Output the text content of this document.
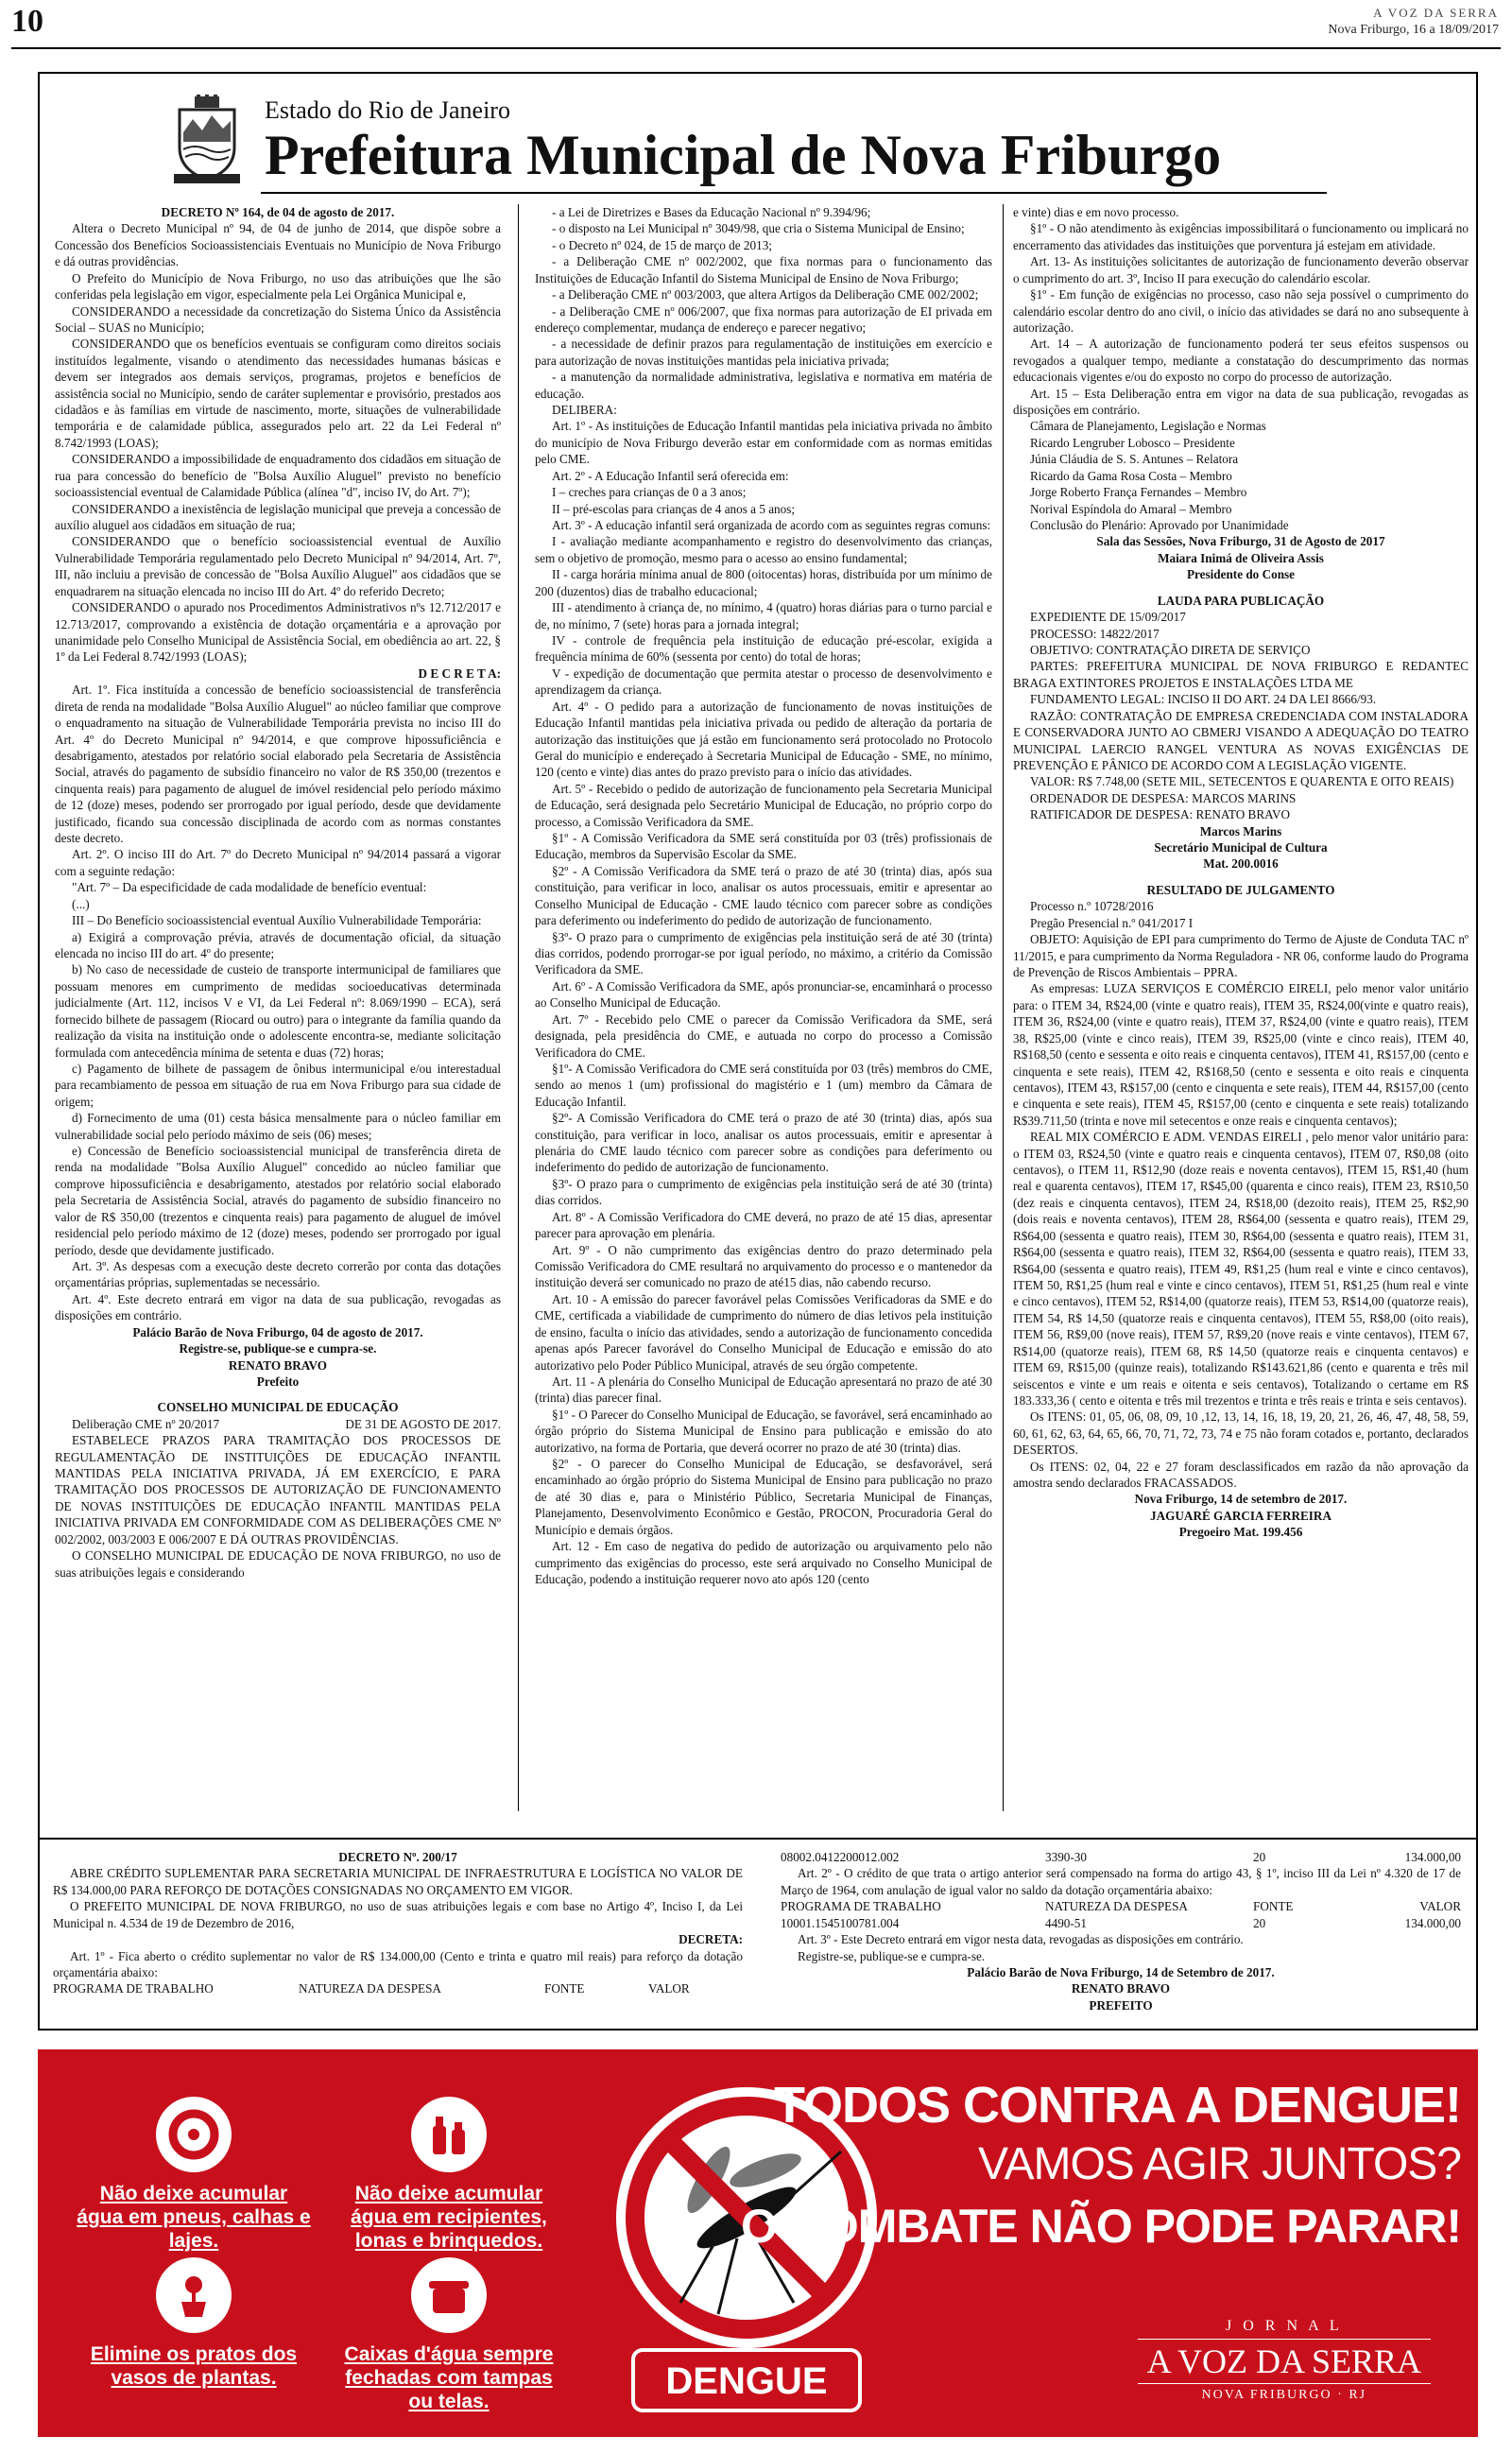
10	A VOZ DA SERRA
Nova Friburgo, 16 a 18/09/2017
Estado do Rio de Janeiro
Prefeitura Municipal de Nova Friburgo

DECRETO Nº 164, de 04 de agosto de 2017.

Altera o Decreto Municipal nº 94, de 04 de junho de 2014, que dispõe sobre a Concessão dos Benefícios Socioassistenciais Eventuais no Município de Nova Friburgo e dá outras providências.

O Prefeito do Município de Nova Friburgo, no uso das atribuições que lhe são conferidas pela legislação em vigor, especialmente pela Lei Orgânica Municipal e,

CONSIDERANDO a necessidade da concretização do Sistema Único da Assistência Social – SUAS no Município;

CONSIDERANDO que os benefícios eventuais se configuram como direitos sociais instituídos legalmente, visando o atendimento das necessidades humanas básicas e devem ser integrados aos demais serviços, programas, projetos e benefícios de assistência social no Município, sendo de caráter suplementar e provisório, prestados aos cidadãos e às famílias em virtude de nascimento, morte, situações de vulnerabilidade temporária e de calamidade pública, assegurados pelo art. 22 da Lei Federal nº 8.742/1993 (LOAS);

CONSIDERANDO a impossibilidade de enquadramento dos cidadãos em situação de rua para concessão do benefício de "Bolsa Auxílio Aluguel" previsto no benefício socioassistencial eventual de Calamidade Pública (alínea "d", inciso IV, do Art. 7º);

CONSIDERANDO a inexistência de legislação municipal que preveja a concessão de auxílio aluguel aos cidadãos em situação de rua;

CONSIDERANDO que o benefício socioassistencial eventual de Auxílio Vulnerabilidade Temporária regulamentado pelo Decreto Municipal nº 94/2014, Art. 7º, III, não incluiu a previsão de concessão de "Bolsa Auxílio Aluguel" aos cidadãos que se enquadrarem na situação elencada no inciso III do Art. 4º do referido Decreto;

CONSIDERANDO o apurado nos Procedimentos Administrativos nºs 12.712/2017 e 12.713/2017, comprovando a existência de dotação orçamentária e a aprovação por unanimidade pelo Conselho Municipal de Assistência Social, em obediência ao art. 22, § 1º da Lei Federal 8.742/1993 (LOAS);

D E C R E T A:

Art. 1º. Fica instituída a concessão de benefício socioassistencial de transferência direta de renda na modalidade "Bolsa Auxílio Aluguel" ao núcleo familiar que comprove o enquadramento na situação de Vulnerabilidade Temporária prevista no inciso III do Art. 4º do Decreto Municipal nº 94/2014, e que comprove hipossuficiência e desabrigamento, atestados por relatório social elaborado pela Secretaria de Assistência Social, através do pagamento de subsídio financeiro no valor de R$ 350,00 (trezentos e cinquenta reais) para pagamento de aluguel de imóvel residencial pelo período máximo de 12 (doze) meses, podendo ser prorrogado por igual período, desde que devidamente justificado, ficando sua concessão disciplinada de acordo com as normas constantes deste decreto.

Art. 2º. O inciso III do Art. 7º do Decreto Municipal nº 94/2014 passará a vigorar com a seguinte redação:

"Art. 7º – Da especificidade de cada modalidade de benefício eventual:

(...)

III – Do Benefício socioassistencial eventual Auxílio Vulnerabilidade Temporária:

a) Exigirá a comprovação prévia, através de documentação oficial, da situação elencada no inciso III do art. 4º do presente;

b) No caso de necessidade de custeio de transporte intermunicipal de familiares que possuam menores em cumprimento de medidas socioeducativas determinada judicialmente (Art. 112, incisos V e VI, da Lei Federal nº: 8.069/1990 – ECA), será fornecido bilhete de passagem (Riocard ou outro) para o integrante da família quando da realização da visita na instituição onde o adolescente encontra-se, mediante solicitação formulada com antecedência mínima de setenta e duas (72) horas;

c) Pagamento de bilhete de passagem de ônibus intermunicipal e/ou interestadual para recambiamento de pessoa em situação de rua em Nova Friburgo para sua cidade de origem;

d) Fornecimento de uma (01) cesta básica mensalmente para o núcleo familiar em vulnerabilidade social pelo período máximo de seis (06) meses;

e) Concessão de Benefício socioassistencial municipal de transferência direta de renda na modalidade "Bolsa Auxílio Aluguel" concedido ao núcleo familiar que comprove hipossuficiência e desabrigamento, atestados por relatório social elaborado pela Secretaria de Assistência Social, através do pagamento de subsídio financeiro no valor de R$ 350,00 (trezentos e cinquenta reais) para pagamento de aluguel de imóvel residencial pelo período máximo de 12 (doze) meses, podendo ser prorrogado por igual período, desde que devidamente justificado.

Art. 3º. As despesas com a execução deste decreto correrão por conta das dotações orçamentárias próprias, suplementadas se necessário.

Art. 4º. Este decreto entrará em vigor na data de sua publicação, revogadas as disposições em contrário.

Palácio Barão de Nova Friburgo, 04 de agosto de 2017.

Registre-se, publique-se e cumpra-se.

RENATO BRAVO

Prefeito

CONSELHO MUNICIPAL DE EDUCAÇÃO

Deliberação CME nº 20/2017	DE 31 DE AGOSTO DE 2017.

ESTABELECE PRAZOS PARA TRAMITAÇÃO DOS PROCESSOS DE REGULAMENTAÇÃO DE INSTITUIÇÕES DE EDUCAÇÃO INFANTIL MANTIDAS PELA INICIATIVA PRIVADA, JÁ EM EXERCÍCIO, E PARA TRAMITAÇÃO DOS PROCESSOS DE AUTORIZAÇÃO DE FUNCIONAMENTO DE NOVAS INSTITUIÇÕES DE EDUCAÇÃO INFANTIL MANTIDAS PELA INICIATIVA PRIVADA EM CONFORMIDADE COM AS DELIBERAÇÕES CME Nº 002/2002, 003/2003 E 006/2007 E DÁ OUTRAS PROVIDÊNCIAS.

O CONSELHO MUNICIPAL DE EDUCAÇÃO DE NOVA FRIBURGO, no uso de suas atribuições legais e considerando

- a Lei de Diretrizes e Bases da Educação Nacional nº 9.394/96;

- o disposto na Lei Municipal nº 3049/98, que cria o Sistema Municipal de Ensino;

- o Decreto nº 024, de 15 de março de 2013;

- a Deliberação CME nº 002/2002, que fixa normas para o funcionamento das Instituições de Educação Infantil do Sistema Municipal de Ensino de Nova Friburgo;

- a Deliberação CME nº 003/2003, que altera Artigos da Deliberação CME 002/2002;

- a Deliberação CME nº 006/2007, que fixa normas para autorização de EI privada em endereço complementar, mudança de endereço e parecer negativo;

- a necessidade de definir prazos para regulamentação de instituições em exercício e para autorização de novas instituições mantidas pela iniciativa privada;

- a manutenção da normalidade administrativa, legislativa e normativa em matéria de educação.

DELIBERA:

Art. 1º - As instituições de Educação Infantil mantidas pela iniciativa privada no âmbito do município de Nova Friburgo deverão estar em conformidade com as normas emitidas pelo CME.

Art. 2º - A Educação Infantil será oferecida em:

I – creches para crianças de 0 a 3 anos;

II – pré-escolas para crianças de 4 anos a 5 anos;

Art. 3º - A educação infantil será organizada de acordo com as seguintes regras comuns:

I - avaliação mediante acompanhamento e registro do desenvolvimento das crianças, sem o objetivo de promoção, mesmo para o acesso ao ensino fundamental;

II - carga horária mínima anual de 800 (oitocentas) horas, distribuída por um mínimo de 200 (duzentos) dias de trabalho educacional;

III - atendimento à criança de, no mínimo, 4 (quatro) horas diárias para o turno parcial e de, no mínimo, 7 (sete) horas para a jornada integral;

IV - controle de frequência pela instituição de educação pré-escolar, exigida a frequência mínima de 60% (sessenta por cento) do total de horas;

V - expedição de documentação que permita atestar o processo de desenvolvimento e aprendizagem da criança.

Art. 4º - O pedido para a autorização de funcionamento de novas instituições de Educação Infantil mantidas pela iniciativa privada ou pedido de alteração da portaria de autorização das instituições que já estão em funcionamento será protocolado no Protocolo Geral do município e endereçado à Secretaria Municipal de Educação - SME, no mínimo, 120 (cento e vinte) dias antes do prazo previsto para o início das atividades.

Art. 5º - Recebido o pedido de autorização de funcionamento pela Secretaria Municipal de Educação, será designada pelo Secretário Municipal de Educação, no próprio corpo do processo, a Comissão Verificadora da SME.

§1º - A Comissão Verificadora da SME será constituída por 03 (três) profissionais de Educação, membros da Supervisão Escolar da SME.

§2º - A Comissão Verificadora da SME terá o prazo de até 30 (trinta) dias, após sua constituição, para verificar in loco, analisar os autos processuais, emitir e apresentar ao Conselho Municipal de Educação - CME laudo técnico com parecer sobre as condições para deferimento ou indeferimento do pedido de autorização de funcionamento.

§3º- O prazo para o cumprimento de exigências pela instituição será de até 30 (trinta) dias corridos, podendo prorrogar-se por igual período, no máximo, a critério da Comissão Verificadora da SME.

Art. 6º - A Comissão Verificadora da SME, após pronunciar-se, encaminhará o processo ao Conselho Municipal de Educação.

Art. 7º - Recebido pelo CME o parecer da Comissão Verificadora da SME, será designada, pela presidência do CME, e autuada no corpo do processo a Comissão Verificadora do CME.

§1º- A Comissão Verificadora do CME será constituída por 03 (três) membros do CME, sendo ao menos 1 (um) profissional do magistério e 1 (um) membro da Câmara de Educação Infantil.

§2º- A Comissão Verificadora do CME terá o prazo de até 30 (trinta) dias, após sua constituição, para verificar in loco, analisar os autos processuais, emitir e apresentar à plenária do CME laudo técnico com parecer sobre as condições para deferimento ou indeferimento do pedido de autorização de funcionamento.

§3º- O prazo para o cumprimento de exigências pela instituição será de até 30 (trinta) dias corridos.

Art. 8º - A Comissão Verificadora do CME deverá, no prazo de até 15 dias, apresentar parecer para aprovação em plenária.

Art. 9º - O não cumprimento das exigências dentro do prazo determinado pela Comissão Verificadora do CME resultará no arquivamento do processo e o mantenedor da instituição deverá ser comunicado no prazo de até15 dias, não cabendo recurso.

Art. 10 - A emissão do parecer favorável pelas Comissões Verificadoras da SME e do CME, certificada a viabilidade de cumprimento do número de dias letivos pela instituição de ensino, faculta o início das atividades, sendo a autorização de funcionamento concedida apenas após Parecer favorável do Conselho Municipal de Educação e emissão do ato autorizativo pelo Poder Público Municipal, através de seu órgão competente.

Art. 11 - A plenária do Conselho Municipal de Educação apresentará no prazo de até 30 (trinta) dias parecer final.

§1º - O Parecer do Conselho Municipal de Educação, se favorável, será encaminhado ao órgão próprio do Sistema Municipal de Ensino para publicação e emissão do ato autorizativo, na forma de Portaria, que deverá ocorrer no prazo de até 30 (trinta) dias.

§2º - O parecer do Conselho Municipal de Educação, se desfavorável, será encaminhado ao órgão próprio do Sistema Municipal de Ensino para publicação no prazo de até 30 dias e, para o Ministério Público, Secretaria Municipal de Finanças, Planejamento, Desenvolvimento Econômico e Gestão, PROCON, Procuradoria Geral do Município e demais órgãos.

Art. 12 - Em caso de negativa do pedido de autorização ou arquivamento pelo não cumprimento das exigências do processo, este será arquivado no Conselho Municipal de Educação, podendo a instituição requerer novo ato após 120 (cento

e vinte) dias e em novo processo.

§1º - O não atendimento às exigências impossibilitará o funcionamento ou implicará no encerramento das atividades das instituições que porventura já estejam em atividade.

Art. 13- As instituições solicitantes de autorização de funcionamento deverão observar o cumprimento do art. 3º, Inciso II para execução do calendário escolar.

§1º - Em função de exigências no processo, caso não seja possível o cumprimento do calendário escolar dentro do ano civil, o início das atividades se dará no ano subsequente à autorização.

Art. 14 – A autorização de funcionamento poderá ter seus efeitos suspensos ou revogados a qualquer tempo, mediante a constatação do descumprimento das normas educacionais vigentes e/ou do exposto no corpo do processo de autorização.

Art. 15 – Esta Deliberação entra em vigor na data de sua publicação, revogadas as disposições em contrário.

Câmara de Planejamento, Legislação e Normas

Ricardo Lengruber Lobosco – Presidente

Júnia Cláudia de S. S. Antunes – Relatora

Ricardo da Gama Rosa Costa – Membro

Jorge Roberto França Fernandes – Membro

Norival Espíndola do Amaral – Membro

Conclusão do Plenário: Aprovado por Unanimidade

Sala das Sessões, Nova Friburgo, 31 de Agosto de 2017

Maiara Inimá de Oliveira Assis

Presidente do Conse

LAUDA PARA PUBLICAÇÃO

EXPEDIENTE DE 15/09/2017

PROCESSO: 14822/2017

OBJETIVO: CONTRATAÇÃO DIRETA DE SERVIÇO

PARTES: PREFEITURA MUNICIPAL DE NOVA FRIBURGO E REDANTEC BRAGA EXTINTORES PROJETOS E INSTALAÇÕES LTDA ME

FUNDAMENTO LEGAL: INCISO II DO ART. 24 DA LEI 8666/93.

RAZÃO: CONTRATAÇÃO DE EMPRESA CREDENCIADA COM INSTALADORA E CONSERVADORA JUNTO AO CBMERJ VISANDO A ADEQUAÇÃO DO TEATRO MUNICIPAL LAERCIO RANGEL VENTURA AS NOVAS EXIGÊNCIAS DE PREVENÇÃO E PÂNICO DE ACORDO COM A LEGISLAÇÃO VIGENTE.

VALOR: R$ 7.748,00 (SETE MIL, SETECENTOS E QUARENTA E OITO REAIS)

ORDENADOR DE DESPESA: MARCOS MARINS

RATIFICADOR DE DESPESA: RENATO BRAVO

Marcos Marins

Secretário Municipal de Cultura

Mat. 200.0016

RESULTADO DE JULGAMENTO

Processo n.º 10728/2016

Pregão Presencial n.º 041/2017 I

OBJETO: Aquisição de EPI para cumprimento do Termo de Ajuste de Conduta TAC nº 11/2015, e para cumprimento da Norma Reguladora - NR 06, conforme laudo do Programa de Prevenção de Riscos Ambientais – PPRA.

As empresas: LUZA SERVIÇOS E COMÉRCIO EIRELI, pelo menor valor unitário para: o ITEM 34, R$24,00 (vinte e quatro reais), ITEM 35, R$24,00(vinte e quatro reais), ITEM 36, R$24,00 (vinte e quatro reais), ITEM 37, R$24,00 (vinte e quatro reais), ITEM 38, R$25,00 (vinte e cinco reais), ITEM 39, R$25,00 (vinte e cinco reais), ITEM 40, R$168,50 (cento e sessenta e oito reais e cinquenta centavos), ITEM 41, R$157,00 (cento e cinquenta e sete reais), ITEM 42, R$168,50 (cento e sessenta e oito reais e cinquenta centavos), ITEM 43, R$157,00 (cento e cinquenta e sete reais), ITEM 44, R$157,00 (cento e cinquenta e sete reais), ITEM 45, R$157,00 (cento e cinquenta e sete reais) totalizando R$39.711,50 (trinta e nove mil setecentos e onze reais e cinquenta centavos);

REAL MIX COMÉRCIO E ADM. VENDAS EIRELI , pelo menor valor unitário para: o ITEM 03, R$24,50 (vinte e quatro reais e cinquenta centavos), ITEM 07, R$0,08 (oito centavos), o ITEM 11, R$12,90 (doze reais e noventa centavos), ITEM 15, R$1,40 (hum real e quarenta centavos), ITEM 17, R$45,00 (quarenta e cinco reais), ITEM 23, R$10,50 (dez reais e cinquenta centavos), ITEM 24, R$18,00 (dezoito reais), ITEM 25, R$2,90 (dois reais e noventa centavos), ITEM 28, R$64,00 (sessenta e quatro reais), ITEM 29, R$64,00 (sessenta e quatro reais), ITEM 30, R$64,00 (sessenta e quatro reais), ITEM 31, R$64,00 (sessenta e quatro reais), ITEM 32, R$64,00 (sessenta e quatro reais), ITEM 33, R$64,00 (sessenta e quatro reais), ITEM 49, R$1,25 (hum real e vinte e cinco centavos), ITEM 50, R$1,25 (hum real e vinte e cinco centavos), ITEM 51, R$1,25 (hum real e vinte e cinco centavos), ITEM 52, R$14,00 (quatorze reais), ITEM 53, R$14,00 (quatorze reais), ITEM 54, R$ 14,50 (quatorze reais e cinquenta centavos), ITEM 55, R$8,00 (oito reais), ITEM 56, R$9,00 (nove reais), ITEM 57, R$9,20 (nove reais e vinte centavos), ITEM 67, R$14,00 (quatorze reais), ITEM 68, R$ 14,50 (quatorze reais e cinquenta centavos) e ITEM 69, R$15,00 (quinze reais), totalizando R$143.621,86 (cento e quarenta e três mil seiscentos e vinte e um reais e oitenta e seis centavos), Totalizando o certame em R$ 183.333,36 ( cento e oitenta e três mil trezentos e trinta e três reais e trinta e seis centavos).

Os ITENS: 01, 05, 06, 08, 09, 10 ,12, 13, 14, 16, 18, 19, 20, 21, 26, 46, 47, 48, 58, 59, 60, 61, 62, 63, 64, 65, 66, 70, 71, 72, 73, 74 e 75 não foram cotados e, portanto, declarados DESERTOS.

Os ITENS: 02, 04, 22 e 27 foram desclassificados em razão da não aprovação da amostra sendo declarados FRACASSADOS.

Nova Friburgo, 14 de setembro de 2017.

JAGUARÉ GARCIA FERREIRA

Pregoeiro Mat. 199.456

DECRETO Nº. 200/17

ABRE CRÉDITO SUPLEMENTAR PARA SECRETARIA MUNICIPAL DE INFRAESTRUTURA E LOGÍSTICA NO VALOR DE R$ 134.000,00 PARA REFORÇO DE DOTAÇÕES CONSIGNADAS NO ORÇAMENTO EM VIGOR.

O PREFEITO MUNICIPAL DE NOVA FRIBURGO, no uso de suas atribuições legais e com base no Artigo 4º, Inciso I, da Lei Municipal n. 4.534 de 19 de Dezembro de 2016,

DECRETA:

Art. 1º - Fica aberto o crédito suplementar no valor de R$ 134.000,00 (Cento e trinta e quatro mil reais) para reforço da dotação orçamentária abaixo:

PROGRAMA DE TRABALHO	NATUREZA DA DESPESA	FONTE	VALOR
08002.0412200012.002	3390-30	20	134.000,00

Art. 2º - O crédito de que trata o artigo anterior será compensado na forma do artigo 43, § 1º, inciso III da Lei nº 4.320 de 17 de Março de 1964, com anulação de igual valor no saldo da dotação orçamentária abaixo:

PROGRAMA DE TRABALHO	NATUREZA DA DESPESA	FONTE	VALOR
10001.1545100781.004	4490-51	20	134.000,00

Art. 3º - Este Decreto entrará em vigor nesta data, revogadas as disposições em contrário.

Registre-se, publique-se e cumpra-se.

Palácio Barão de Nova Friburgo, 14 de Setembro de 2017.

RENATO BRAVO

PREFEITO

Não deixe acumular água em pneus, calhas e lajes.
Não deixe acumular água em recipientes, lonas e brinquedos.
Elimine os pratos dos vasos de plantas.
Caixas d'água sempre fechadas com tampas ou telas.	DENGUE
TODOS CONTRA A DENGUE!
VAMOS AGIR JUNTOS?
O COMBATE NÃO PODE PARAR!
J O R N A L
A VOZ DA SERRA
NOVA FRIBURGO · RJ
